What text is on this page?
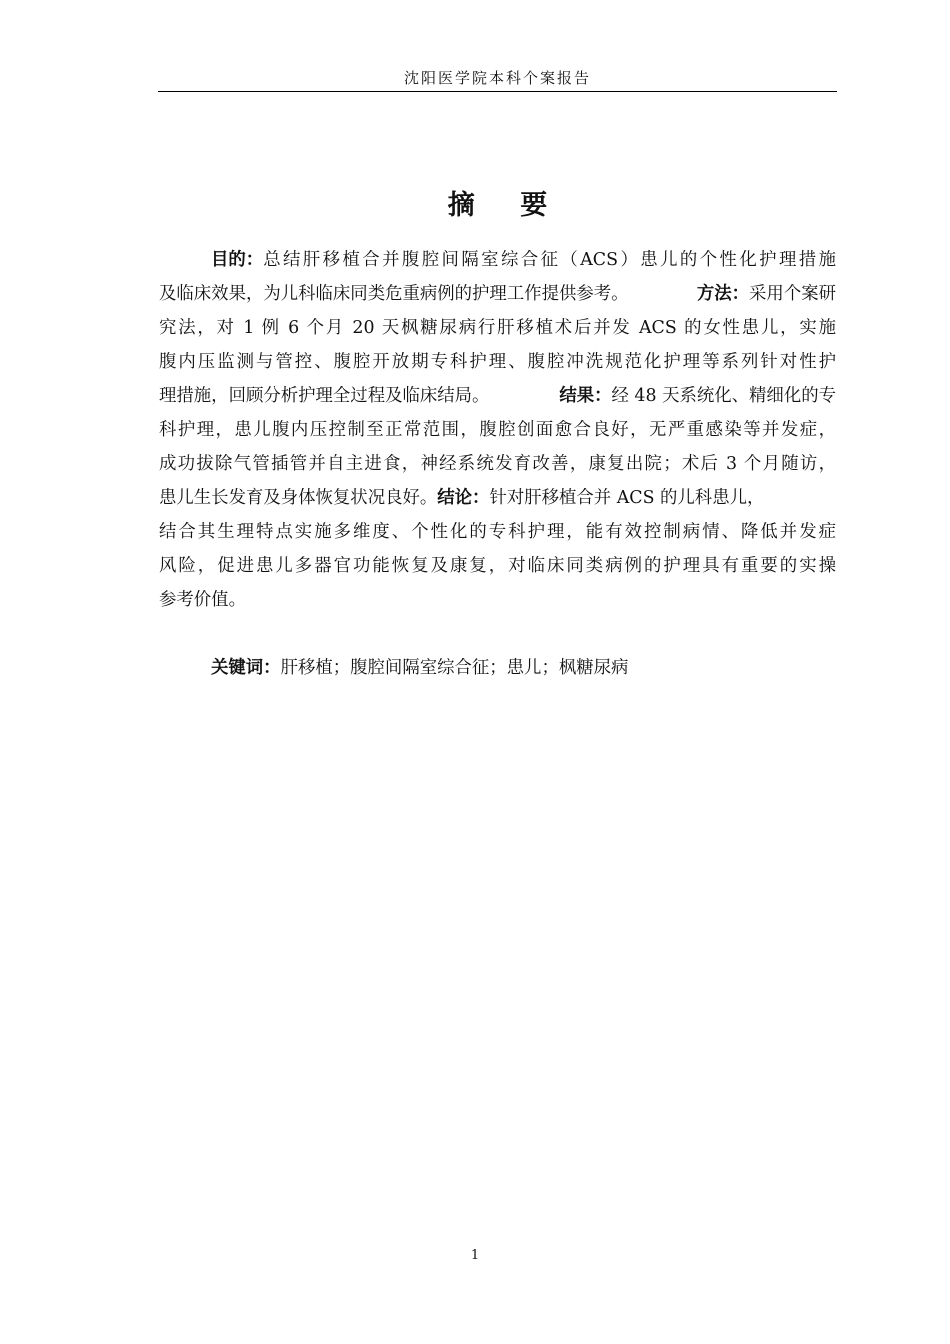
沈阳医学院本科个案报告
摘 要
目的： 总结肝移植合并腹腔间隔室综合征（ACS）患儿的个性化护理措施
及临床效果，为儿科临床同类危重病例的护理工作提供参考。	方法：采用个案研
究法，对 1 例 6 个月 20 天枫糖尿病行肝移植术后并发 ACS 的女性患儿，实施
腹内压监测与管控、腹腔开放期专科护理、腹腔冲洗规范化护理等系列针对性护
理措施，回顾分析护理全过程及临床结局。	结果：经 48 天系统化、精细化的专
科护理，患儿腹内压控制至正常范围，腹腔创面愈合良好，无严重感染等并发症，
成功拔除气管插管并自主进食，神经系统发育改善，康复出院；术后 3 个月随访，
患儿生长发育及身体恢复状况良好。 结论： 针对肝移植合并 ACS 的儿科患儿，
结合其生理特点实施多维度、个性化的专科护理，能有效控制病情、降低并发症
风险，促进患儿多器官功能恢复及康复，对临床同类病例的护理具有重要的实操
参考价值。
关键词：肝移植；腹腔间隔室综合征；患儿；枫糖尿病
1
